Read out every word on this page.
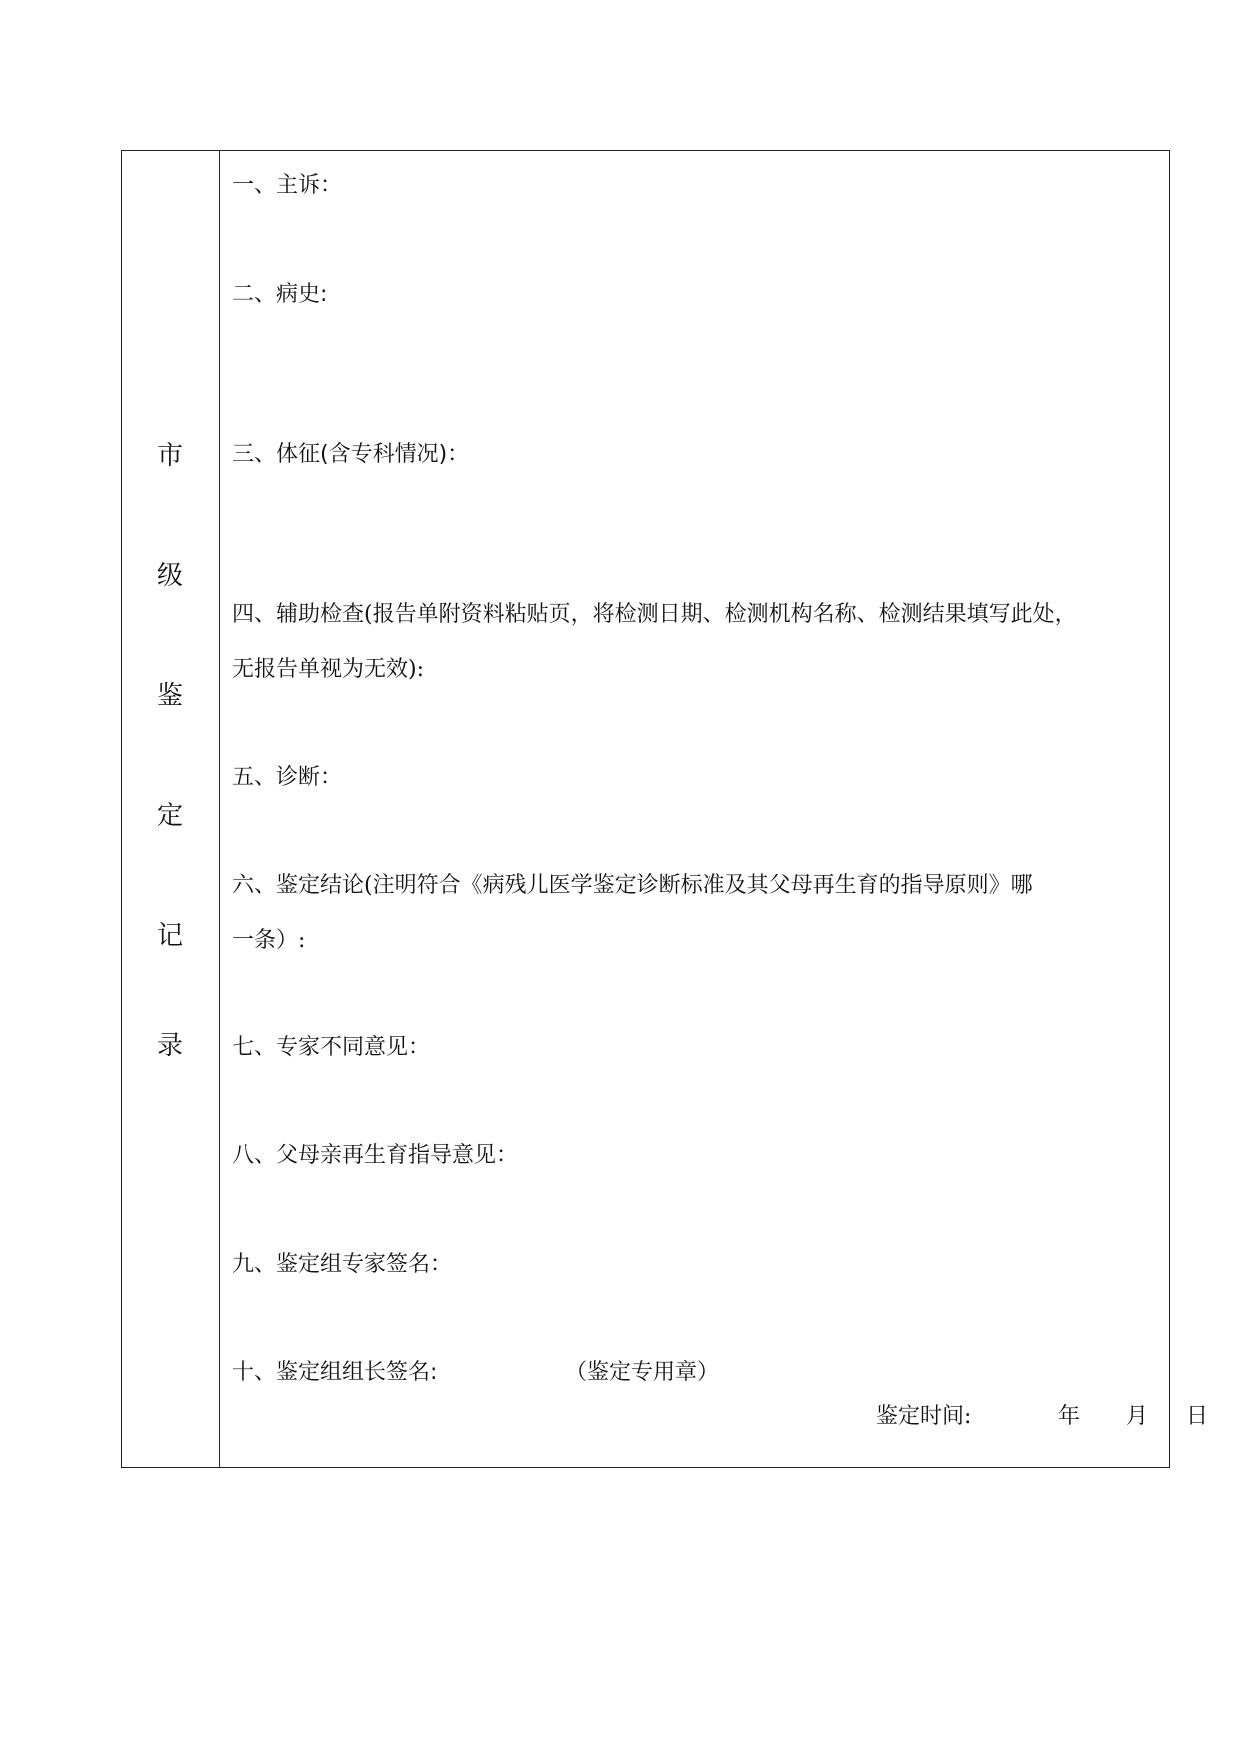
市
级
鉴
定
记
录
一、主诉：
二、病史:
三、体征(含专科情况)：
四、辅助检查(报告单附资料粘贴页，将检测日期、检测机构名称、检测结果填写此处，
无报告单视为无效):
五、诊断：
六、鉴定结论(注明符合《病残儿医学鉴定诊断标准及其父母再生育的指导原则》哪
一条）:
七、专家不同意见：
八、父母亲再生育指导意见：
九、鉴定组专家签名：
十、鉴定组组长签名:	（鉴定专用章）
鉴定时间:	年 月 日
